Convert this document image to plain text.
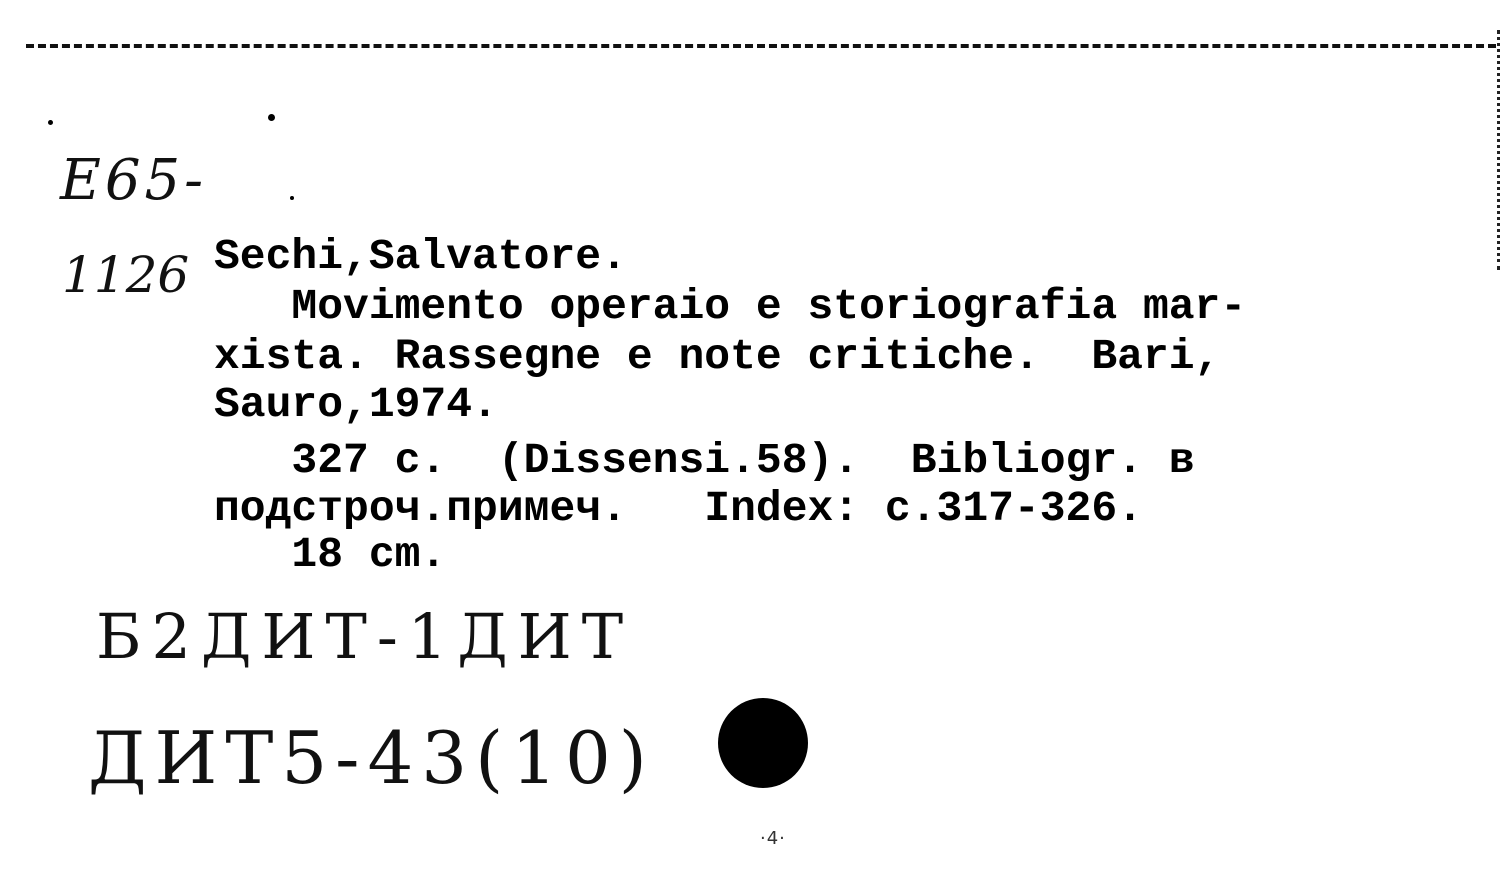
E65-
1126 Sechi,Salvatore.
Movimento operaio e storiografia mar-
xista. Rassegne e note critiche.  Bari,
Sauro,1974.
327 c.  (Dissensi.58).  Bibliogr. в
подстроч.примеч.   Index: c.317-326.
18 cm.
Б2ДИТ-1ДИТ
ДИТ5-43(10)
·4·
